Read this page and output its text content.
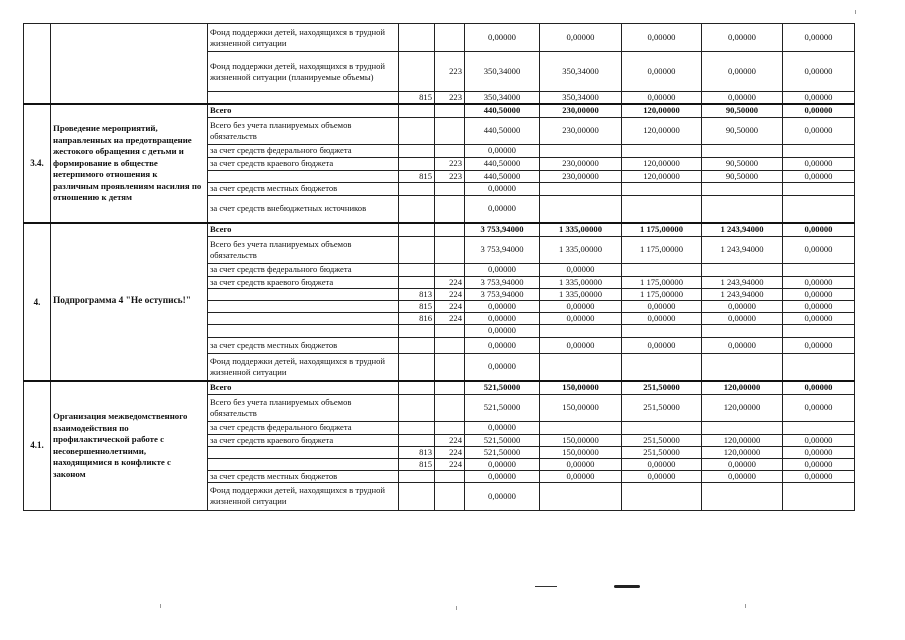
		Фонд поддержки детей, находящихся в трудной жизненной ситуации			0,00000	0,00000	0,00000	0,00000	0,00000
		Фонд поддержки детей, находящихся в трудной жизненной ситуации (планируемые объемы)		223	350,34000	350,34000	0,00000	0,00000	0,00000
			815	223	350,34000	350,34000	0,00000	0,00000	0,00000
3.4.	Проведение мероприятий, направленных на предотвращение жестокого обращения с детьми и формирование в обществе нетерпимого отношения к различным проявлениям насилия по отношению к детям	Всего			440,50000	230,00000	120,00000	90,50000	0,00000
		Всего без учета планируемых объемов обязательств			440,50000	230,00000	120,00000	90,50000	0,00000
		за счет средств федерального бюджета			0,00000				
		за счет средств краевого бюджета		223	440,50000	230,00000	120,00000	90,50000	0,00000
			815	223	440,50000	230,00000	120,00000	90,50000	0,00000
		за счет средств местных бюджетов			0,00000				
		за счет средств внебюджетных источников			0,00000				
4.	Подпрограмма 4 "Не оступись!"	Всего			3 753,94000	1 335,00000	1 175,00000	1 243,94000	0,00000
		Всего без учета планируемых объемов обязательств			3 753,94000	1 335,00000	1 175,00000	1 243,94000	0,00000
		за счет средств федерального бюджета			0,00000	0,00000			
		за счет средств краевого бюджета		224	3 753,94000	1 335,00000	1 175,00000	1 243,94000	0,00000
			813	224	3 753,94000	1 335,00000	1 175,00000	1 243,94000	0,00000
			815	224	0,00000	0,00000	0,00000	0,00000	0,00000
			816	224	0,00000	0,00000	0,00000	0,00000	0,00000
					0,00000				
		за счет средств местных бюджетов			0,00000	0,00000	0,00000	0,00000	0,00000
		Фонд поддержки детей, находящихся в трудной жизненной ситуации			0,00000				
4.1.	Организация межведомственного взаимодействия по профилактической работе с несовершеннолетними, находящимися в конфликте с законом	Всего			521,50000	150,00000	251,50000	120,00000	0,00000
		Всего без учета планируемых объемов обязательств			521,50000	150,00000	251,50000	120,00000	0,00000
		за счет средств федерального бюджета			0,00000				
		за счет средств краевого бюджета		224	521,50000	150,00000	251,50000	120,00000	0,00000
			813	224	521,50000	150,00000	251,50000	120,00000	0,00000
			815	224	0,00000	0,00000	0,00000	0,00000	0,00000
		за счет средств местных бюджетов			0,00000	0,00000	0,00000	0,00000	0,00000
		Фонд поддержки детей, находящихся в трудной жизненной ситуации			0,00000				
